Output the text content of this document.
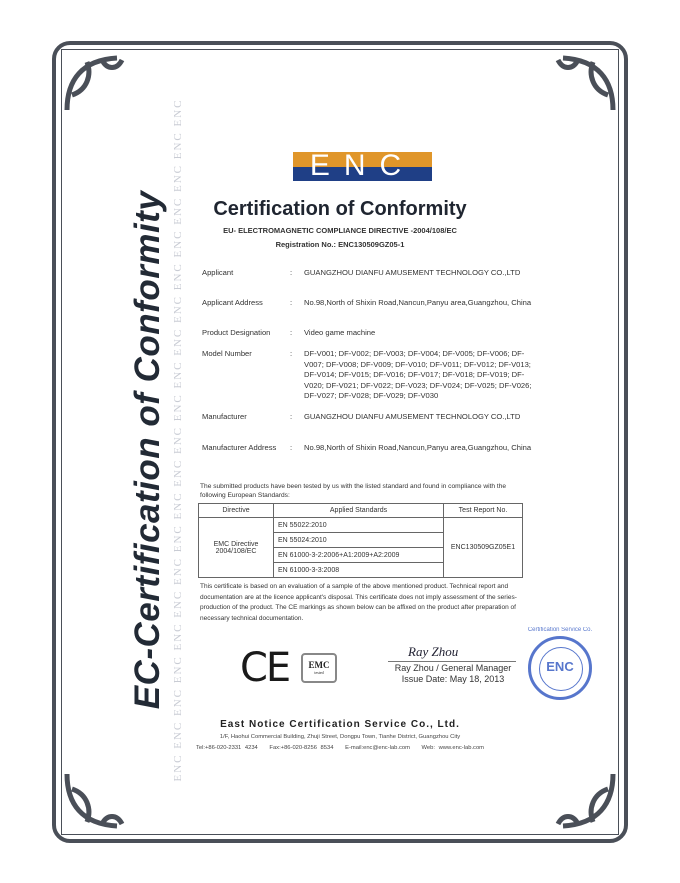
ENC ENC ENC ENC ENC ENC ENC ENC ENC ENC ENC ENC ENC ENC ENC ENC ENC ENC ENC ENC ENC
EC-Certification of Conformity
ENC
Certification of Conformity
EU- ELECTROMAGNETIC COMPLIANCE DIRECTIVE -2004/108/EC
Registration No.: ENC130509GZ05-1
Applicant	: GUANGZHOU DIANFU AMUSEMENT TECHNOLOGY CO.,LTD
Applicant Address	: No.98,North of Shixin Road,Nancun,Panyu area,Guangzhou, China
Product Designation	: Video game machine
Model Number	: DF-V001; DF-V002; DF-V003; DF-V004; DF-V005; DF-V006; DF-V007; DF-V008; DF-V009; DF-V010; DF-V011; DF-V012; DF-V013; DF-V014; DF-V015; DF-V016; DF-V017; DF-V018; DF-V019; DF-V020; DF-V021; DF-V022; DF-V023; DF-V024; DF-V025; DF-V026; DF-V027; DF-V028; DF-V029; DF-V030
Manufacturer	: GUANGZHOU DIANFU AMUSEMENT TECHNOLOGY CO.,LTD
Manufacturer Address	: No.98,North of Shixin Road,Nancun,Panyu area,Guangzhou, China
The submitted products have been tested by us with the listed standard and found in compliance with the following European Standards:
Directive	Applied Standards	Test Report No.
EMC Directive 2004/108/EC	EN 55022:2010	ENC130509GZ05E1
	EN 55024:2010	
	EN 61000-3-2:2006+A1:2009+A2:2009	
	EN 61000-3-3:2008	
This certificate is based on an evaluation of a sample of the above mentioned product. Technical report and documentation are at the licence applicant's disposal. This certificate does not imply assessment of the series-production of the product. The CE markings as shown below can be affixed on the product after preparation of necessary technical documentation.
CE	EMC
tested
Ray Zhou
Ray Zhou / General Manager
Issue Date: May 18, 2013
Certification Service Co.
ENC
East Notice Certification Service Co., Ltd.
1/F, Haohui Commercial Building, Zhuji Street, Dongpu Town, Tianhe District, Guangzhou City
Tel:+86-020-2331 4234 Fax:+86-020-8256 8534 E-mail:enc@enc-lab.com Web: www.enc-lab.com
